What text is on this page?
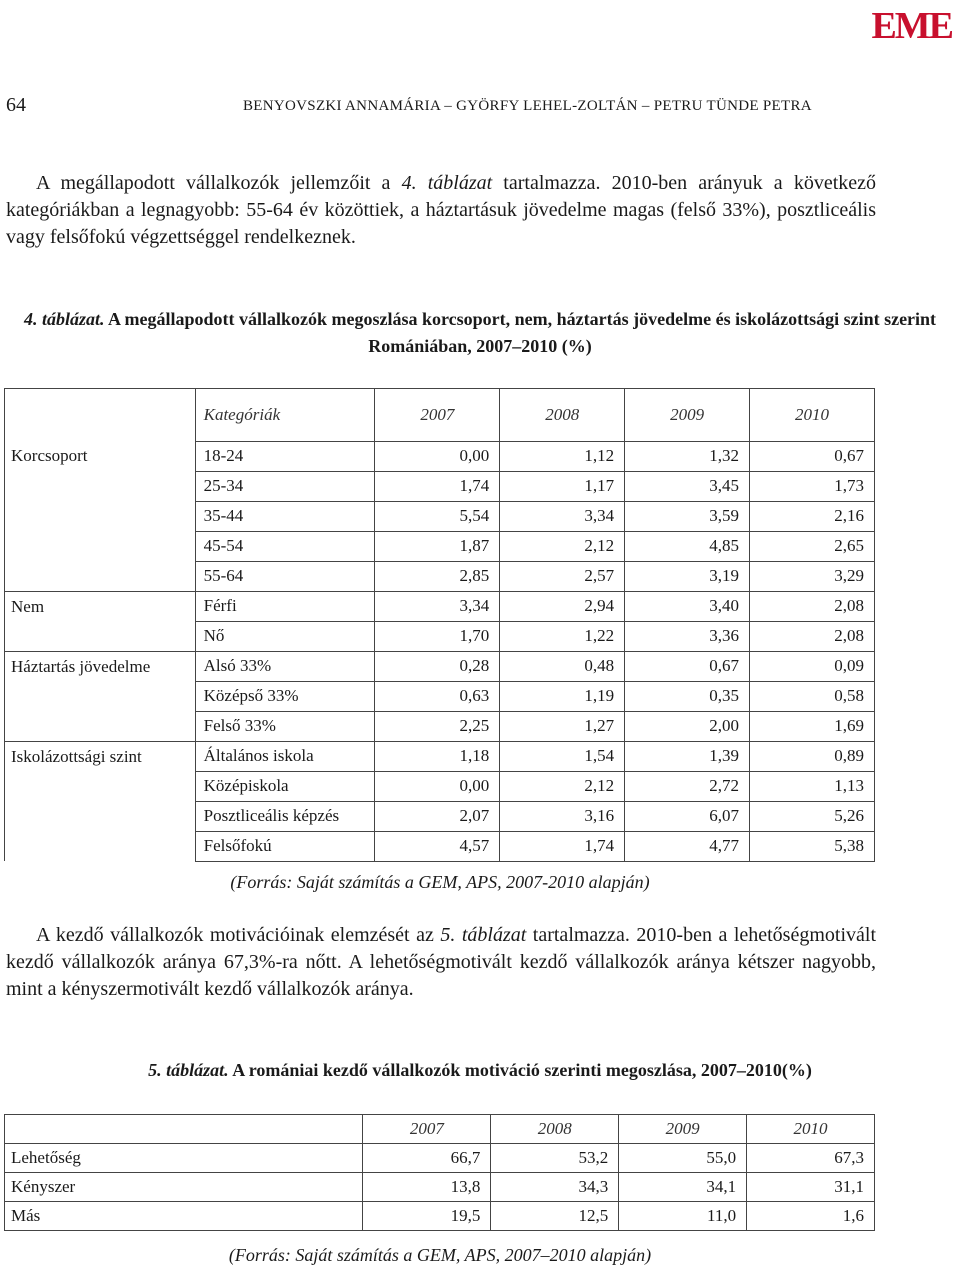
EME
64	BENYOVSZKI ANNAMÁRIA – GYÖRFY LEHEL-ZOLTÁN – PETRU TÜNDE PETRA

A megállapodott vállalkozók jellemzőit a 4. táblázat tartalmazza. 2010-ben arányuk a következő kategóriákban a legnagyobb: 55-64 év közöttiek, a háztartásuk jövedelme magas (felső 33%), posztliceális vagy felsőfokú végzettséggel rendelkeznek.

4. táblázat. A megállapodott vállalkozók megoszlása korcsoport, nem, háztartás jövedelme és iskolázottsági szint szerint Romániában, 2007–2010 (%)

	Kategóriák	2007	2008	2009	2010
Korcsoport	18-24	0,00	1,12	1,32	0,67
	25-34	1,74	1,17	3,45	1,73
	35-44	5,54	3,34	3,59	2,16
	45-54	1,87	2,12	4,85	2,65
	55-64	2,85	2,57	3,19	3,29
Nem	Férfi	3,34	2,94	3,40	2,08
	Nő	1,70	1,22	3,36	2,08
Háztartás jövedelme	Alsó 33%	0,28	0,48	0,67	0,09
	Középső 33%	0,63	1,19	0,35	0,58
	Felső 33%	2,25	1,27	2,00	1,69
Iskolázottsági szint	Általános iskola	1,18	1,54	1,39	0,89
	Középiskola	0,00	2,12	2,72	1,13
	Posztliceális képzés	2,07	3,16	6,07	5,26
	Felsőfokú	4,57	1,74	4,77	5,38
(Forrás: Saját számítás a GEM, APS, 2007-2010 alapján)

A kezdő vállalkozók motivációinak elemzését az 5. táblázat tartalmazza. 2010-ben a lehetőségmotivált kezdő vállalkozók aránya 67,3%-ra nőtt. A lehetőségmotivált kezdő vállalkozók aránya kétszer nagyobb, mint a kényszermotivált kezdő vállalkozók aránya.

5. táblázat. A romániai kezdő vállalkozók motiváció szerinti megoszlása, 2007–2010(%)

	2007	2008	2009	2010
Lehetőség	66,7	53,2	55,0	67,3
Kényszer	13,8	34,3	34,1	31,1
Más	19,5	12,5	11,0	1,6
(Forrás: Saját számítás a GEM, APS, 2007–2010 alapján)
